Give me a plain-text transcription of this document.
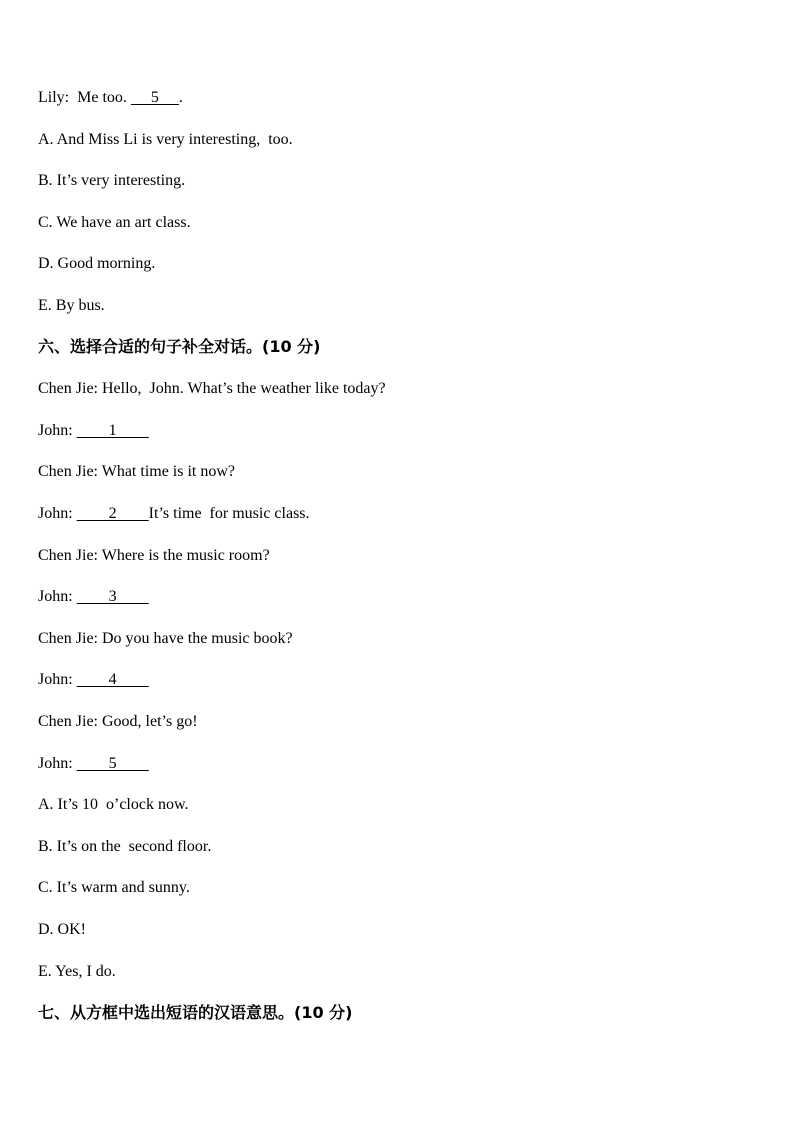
Lily: Me too.      5     .
A. And Miss Li is very interesting,  too.
B. It’s very interesting.
C. We have an art class.
D. Good morning.
E. By bus.
六、选择合适的句子补全对话。(10 分)
Chen Jie: Hello,  John. What’s the weather like today?
John:         1
Chen Jie: What time is it now?
John:         2        It’s time  for music class.
Chen Jie: Where is the music room?
John:         3
Chen Jie: Do you have the music book?
John:         4
Chen Jie: Good, let’s go!
John:         5
A. It’s 10  o’clock now.
B. It’s on the  second floor.
C. It’s warm and sunny.
D. OK!
E. Yes, I do.
七、从方框中选出短语的汉语意思。(10 分)
